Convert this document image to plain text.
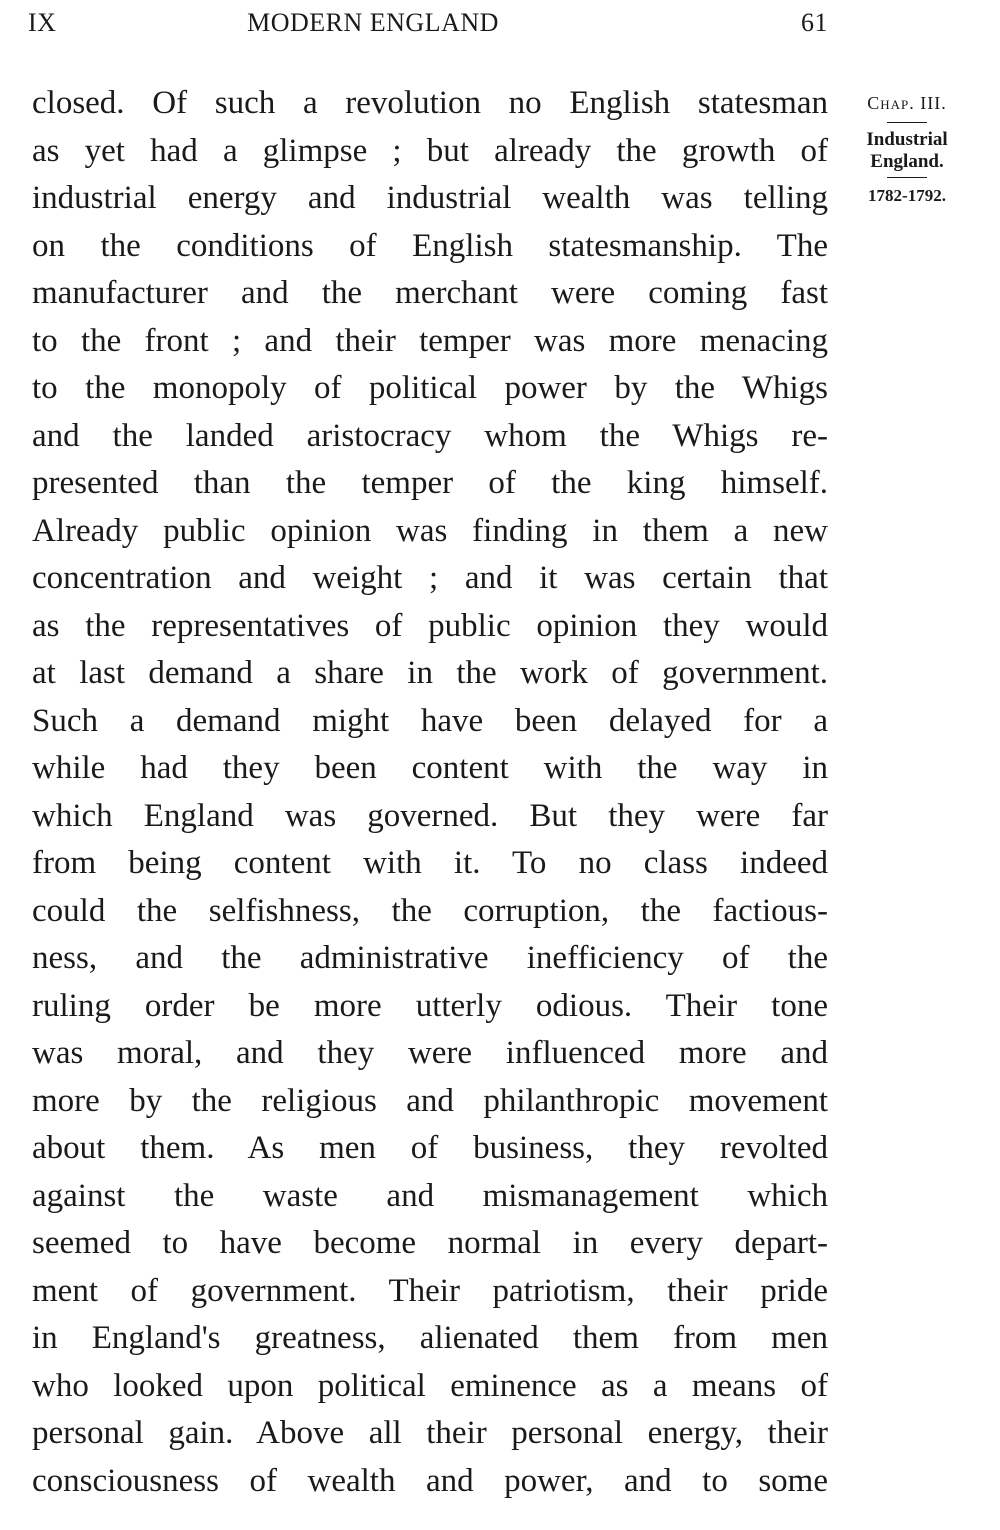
IX	MODERN ENGLAND	61
closed. Of such a revolution no English statesman
as yet had a glimpse ; but already the growth of
industrial energy and industrial wealth was telling
on the conditions of English statesmanship. The
manufacturer and the merchant were coming fast
to the front ; and their temper was more menacing
to the monopoly of political power by the Whigs
and the landed aristocracy whom the Whigs re-
presented than the temper of the king himself.
Already public opinion was finding in them a new
concentration and weight ; and it was certain that
as the representatives of public opinion they would
at last demand a share in the work of government.
Such a demand might have been delayed for a
while had they been content with the way in
which England was governed. But they were far
from being content with it. To no class indeed
could the selfishness, the corruption, the factious-
ness, and the administrative inefficiency of the
ruling order be more utterly odious. Their tone
was moral, and they were influenced more and
more by the religious and philanthropic movement
about them. As men of business, they revolted
against the waste and mismanagement which
seemed to have become normal in every depart-
ment of government. Their patriotism, their pride
in England's greatness, alienated them from men
who looked upon political eminence as a means of
personal gain. Above all their personal energy, their
consciousness of wealth and power, and to some
Chap. III.
Industrial
England.
1782-1792.
